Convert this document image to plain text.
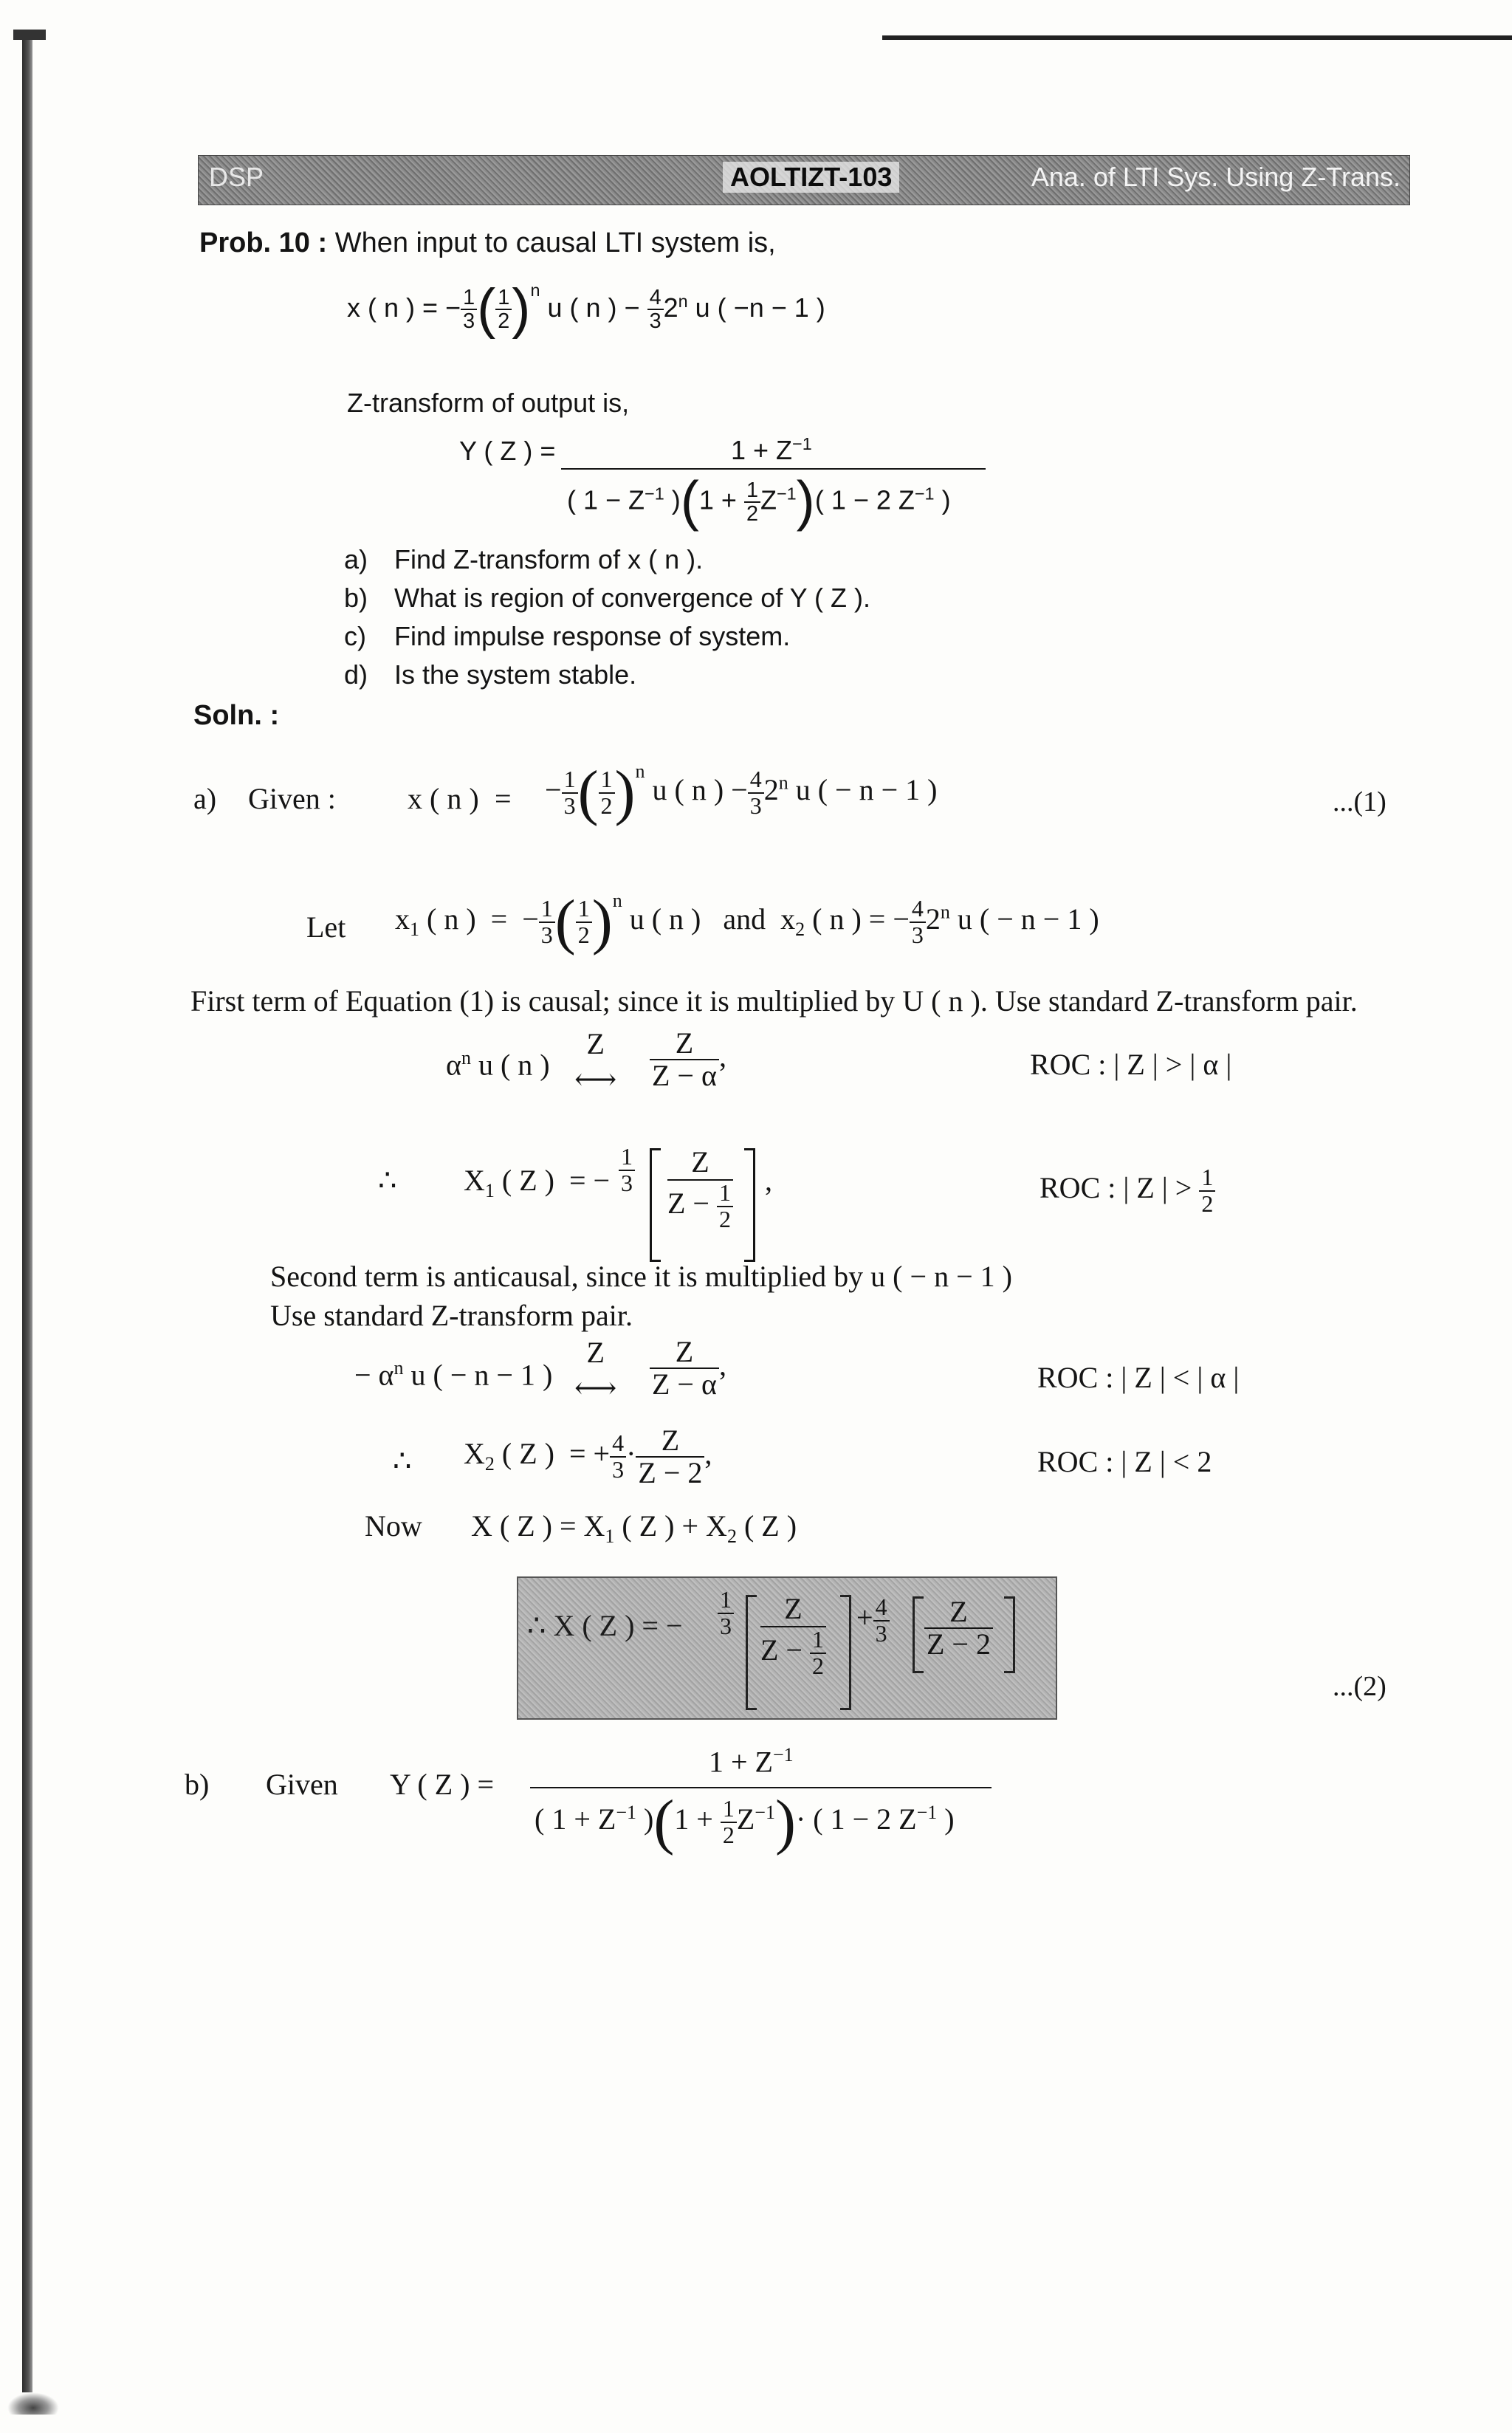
DSP	AOLTIZT-103	Ana. of LTI Sys. Using Z-Trans.
Prob. 10 : When input to causal LTI system is,
x ( n ) = − $\frac{1}{3}$ ( $\frac{1}{2} )^n$ u ( n ) − $\frac{4}{3} 2^n$ u ( −n − 1 )
Z-transform of output is,
Y ( Z ) =	$1 + Z^{-1}$
( $1 - Z^{-1}$ )$(1 + \frac{1}{2} Z^{-1})$( 1 − 2 $Z^{-1}$ )
a) Find Z-transform of x ( n ).
b) What is region of convergence of Y ( Z ).
c) Find impulse response of system.
d) Is the system stable.
Soln. :
a) Given : x ( n ) = − $\frac{1}{3}$ ( $\frac{1}{2} )^n$ u ( n ) − $\frac{4}{3} 2^n$ u ( − n − 1 )	...(1)
Let $x_1$ ( n )  =  − $\frac{1}{3}$ ( $\frac{1}{2} )^n$ u ( n )   and  $x_2$ ( n ) = − $\frac{4}{3} 2^n$ u ( − n − 1 )
First term of Equation (1) is causal; since it is multiplied by U ( n ). Use standard Z-transform pair.
$\alpha^n$ u ( n )
Z
⟷ $\frac{Z}{Z - \alpha}$ ,	ROC : | Z | > | α |
∴ $X_1$ ( Z )  = − $\frac{1}{3}$	Z
$Z - \frac{1}{2}$
,	ROC : | Z | > $\frac{1}{2}$
Second term is anticausal, since it is multiplied by u ( − n − 1 )
Use standard Z-transform pair.
− $\alpha^n$ u ( − n − 1 )
Z
⟷ $\frac{Z}{Z - \alpha}$ ,	ROC : | Z | < | α |
∴ $X_2$ ( Z )  = + $\frac{4}{3} \cdot \frac{Z}{Z - 2}$ ,	ROC : | Z | < 2
Now X ( Z ) = $X_1$ ( Z ) + $X_2$ ( Z )
∴ X ( Z ) = − $\frac{1}{3}$	Z
$Z - \frac{1}{2}$
+ $\frac{4}{3} \frac{Z}{Z - 2}$
...(2)
b) Given Y ( Z ) =
$1 + Z^{-1}$
( $1 + Z^{-1}$ )$(1 + \frac{1}{2} Z^{-1})\cdot$ ( 1 − 2 $Z^{-1}$ )
